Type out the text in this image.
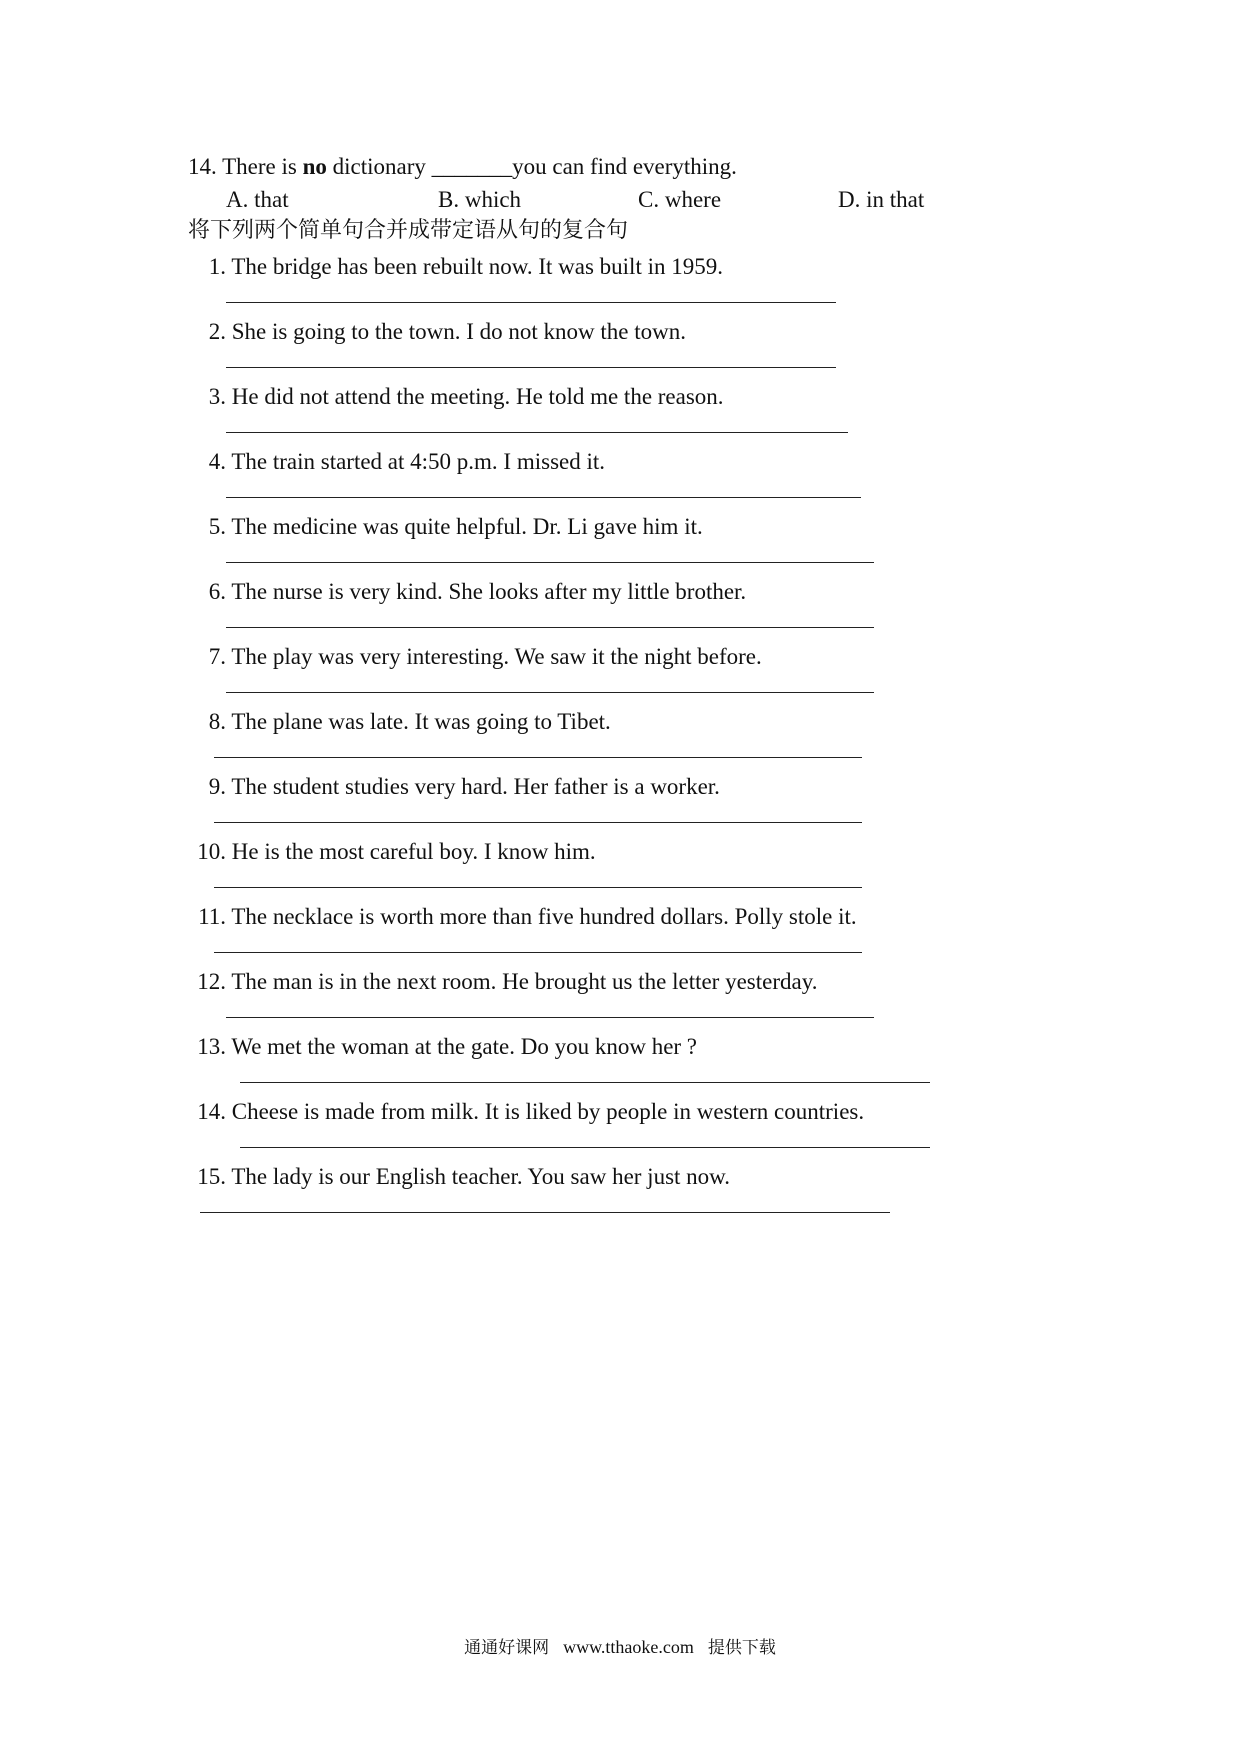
14. There is no dictionary _______you can find everything.
A. that	B. which	C. where	D. in that
将下列两个简单句合并成带定语从句的复合句
1. The bridge has been rebuilt now. It was built in 1959.
2. She is going to the town. I do not know the town.
3. He did not attend the meeting. He told me the reason.
4. The train started at 4:50 p.m. I missed it.
5. The medicine was quite helpful. Dr. Li gave him it.
6. The nurse is very kind. She looks after my little brother.
7. The play was very interesting. We saw it the night before.
8. The plane was late. It was going to Tibet.
9. The student studies very hard. Her father is a worker.
10. He is the most careful boy. I know him.
11. The necklace is worth more than five hundred dollars. Polly stole it.
12. The man is in the next room. He brought us the letter yesterday.
13. We met the woman at the gate. Do you know her ?
14. Cheese is made from milk. It is liked by people in western countries.
15. The lady is our English teacher. You saw her just now.
通通好课网 www.tthaoke.com 提供下载
